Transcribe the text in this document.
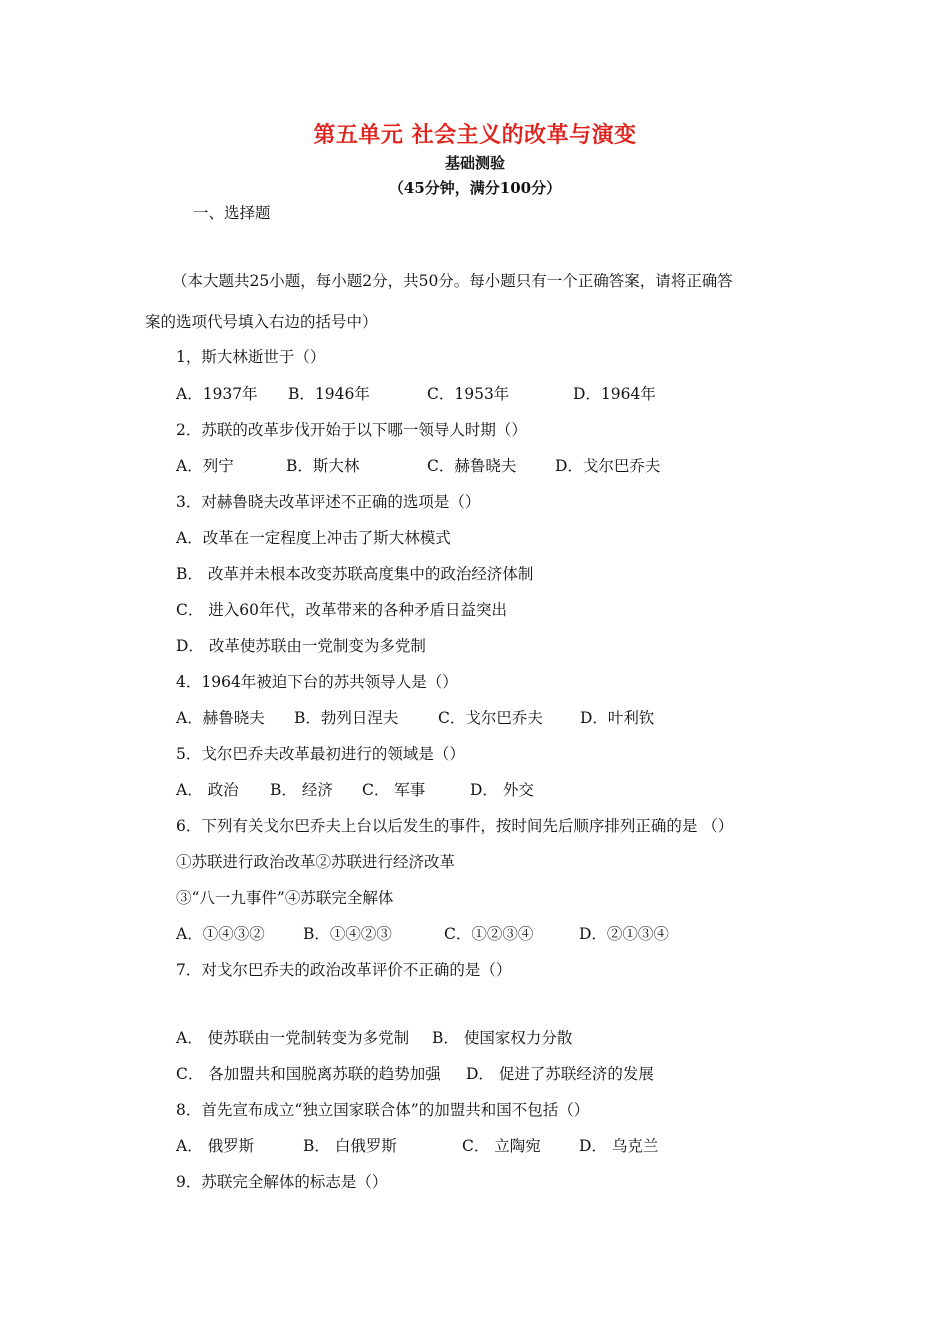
第五单元 社会主义的改革与演变
基础测验
（45分钟，满分100分）
一、选择题
（本大题共25小题，每小题2分，共50分。每小题只有一个正确答案，请将正确答
案的选项代号填入右边的括号中）
1，斯大林逝世于（）
A．1937年 B．1946年	C．1953年	D．1964年
2．苏联的改革步伐开始于以下哪一领导人时期（）
A．列宁	B．斯大林	C．赫鲁晓夫 D．戈尔巴乔夫
3．对赫鲁晓夫改革评述不正确的选项是（）
A．改革在一定程度上冲击了斯大林模式
B． 改革并未根本改变苏联高度集中的政治经济体制
C． 进入60年代，改革带来的各种矛盾日益突出
D． 改革使苏联由一党制变为多党制
4．1964年被迫下台的苏共领导人是（）
A．赫鲁晓夫 B．勃列日涅夫	C．戈尔巴乔夫 D．叶利钦
5．戈尔巴乔夫改革最初进行的领域是（）
A． 政治 B． 经济 C． 军事	D． 外交
6．下列有关戈尔巴乔夫上台以后发生的事件，按时间先后顺序排列正确的是 （）
①苏联进行政治改革②苏联进行经济改革
③“八一九事件”④苏联完全解体
A．①④③② B．①④②③	C．①②③④	D．②①③④
7．对戈尔巴乔夫的政治改革评价不正确的是（）
A． 使苏联由一党制转变为多党制 B． 使国家权力分散
C． 各加盟共和国脱离苏联的趋势加强 D． 促进了苏联经济的发展
8．首先宣布成立“独立国家联合体”的加盟共和国不包括（）
A． 俄罗斯	B． 白俄罗斯	C． 立陶宛 D． 乌克兰
9．苏联完全解体的标志是（）
